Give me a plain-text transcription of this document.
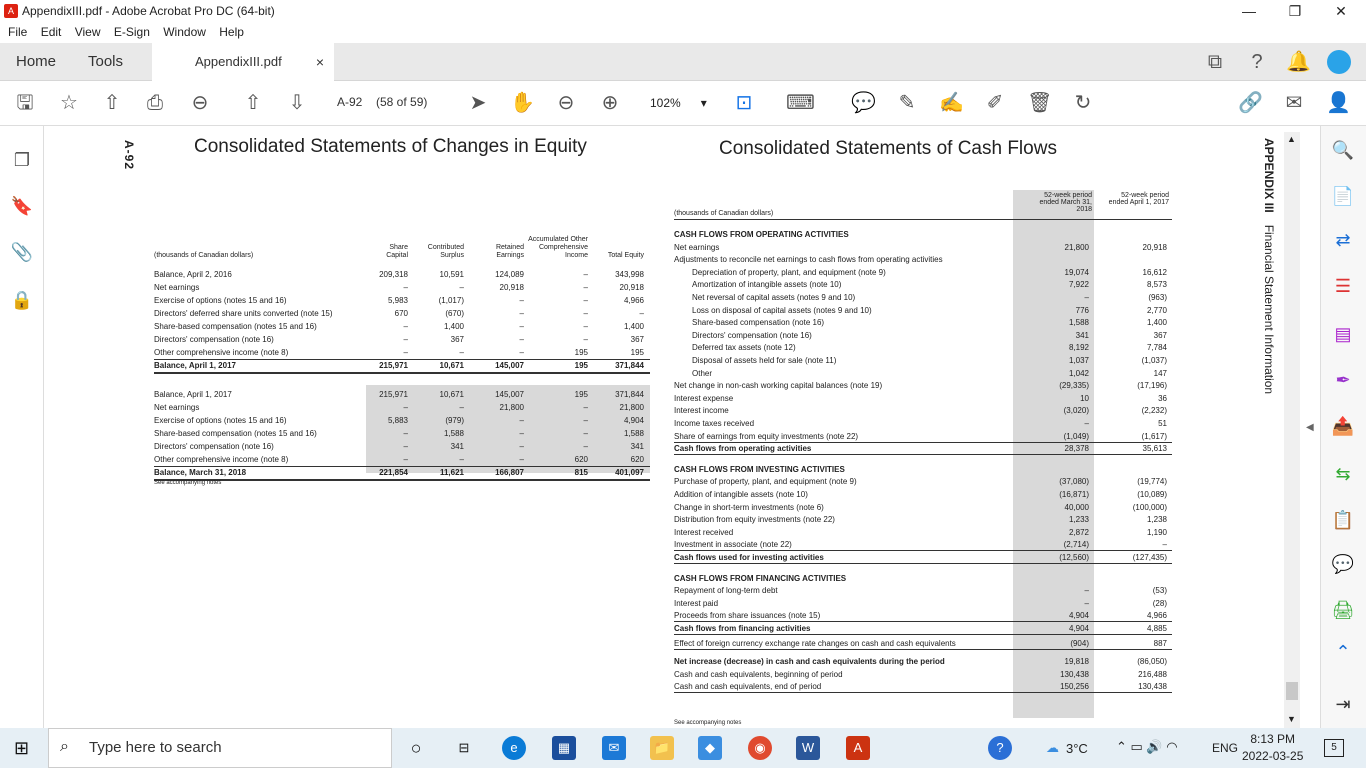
A AppendixIII.pdf - Adobe Acrobat Pro DC (64-bit)	—	❐	✕
File Edit View E-Sign Window Help
Home Tools	AppendixIII.pdf ×	⧉	?	🔔
🖫 ☆ ⇧ ⎙ ⊖ ⇧ ⇩	A-92 (58 of 59) ➤ ✋ ⊖ ⊕	102% ▾ ⊡ ⌨ 💬 ✎ ✍ ✐ 🗑 ↻	🔗 ✉ 👤
❐
🔖
📎
🔒
A-92	Consolidated Statements of Changes in Equity	Consolidated Statements of Cash Flows	APPENDIX IIIFinancial Statement Information
(thousands of Canadian dollars)
Share Capital
Contributed Surplus
Retained Earnings
Accumulated Other Comprehensive Income	Total Equity
Balance, April 2, 2016	209,318	10,591	124,089	–	343,998
Net earnings	–	–	20,918	–	20,918
Exercise of options (notes 15 and 16)	5,983	(1,017)	–	–	4,966
Directors' deferred share units converted (note 15)	670	(670)	–	–	–
Share-based compensation (notes 15 and 16)	–	1,400	–	–	1,400
Directors' compensation (note 16)	–	367	–	–	367
Other comprehensive income (note 8)	–	–	–	195	195
Balance, April 1, 2017	215,971	10,671	145,007	195	371,844
Balance, April 1, 2017	215,971	10,671	145,007	195	371,844
Net earnings	–	–	21,800	–	21,800
Exercise of options (notes 15 and 16)	5,883	(979)	–	–	4,904
Share-based compensation (notes 15 and 16)	–	1,588	–	–	1,588
Directors' compensation (note 16)	–	341	–	–	341
Other comprehensive income (note 8)	–	–	–	620	620
Balance, March 31, 2018	221,854	11,621	166,807	815	401,097
See accompanying notes
(thousands of Canadian dollars)
52-week period ended March 31, 2018
52-week period ended April 1, 2017
CASH FLOWS FROM OPERATING ACTIVITIES
Net earnings	21,800	20,918
Adjustments to reconcile net earnings to cash flows from operating activities
Depreciation of property, plant, and equipment (note 9)	19,074	16,612
Amortization of intangible assets (note 10)	7,922	8,573
Net reversal of capital assets (notes 9 and 10)	–	(963)
Loss on disposal of capital assets (notes 9 and 10)	776	2,770
Share-based compensation (note 16)	1,588	1,400
Directors' compensation (note 16)	341	367
Deferred tax assets (note 12)	8,192	7,784
Disposal of assets held for sale (note 11)	1,037	(1,037)
Other	1,042	147
Net change in non-cash working capital balances (note 19)	(29,335)	(17,196)
Interest expense	10	36
Interest income	(3,020)	(2,232)
Income taxes received	–	51
Share of earnings from equity investments (note 22)	(1,049)	(1,617)
Cash flows from operating activities	28,378	35,613
CASH FLOWS FROM INVESTING ACTIVITIES
Purchase of property, plant, and equipment (note 9)	(37,080)	(19,774)
Addition of intangible assets (note 10)	(16,871)	(10,089)
Change in short-term investments (note 6)	40,000	(100,000)
Distribution from equity investments (note 22)	1,233	1,238
Interest received	2,872	1,190
Investment in associate (note 22)	(2,714)	–
Cash flows used for investing activities	(12,560)	(127,435)
CASH FLOWS FROM FINANCING ACTIVITIES
Repayment of long-term debt	–	(53)
Interest paid	–	(28)
Proceeds from share issuances (note 15)	4,904	4,966
Cash flows from financing activities	4,904	4,885
Effect of foreign currency exchange rate changes on cash and cash equivalents	(904)	887
Net increase (decrease) in cash and cash equivalents during the period	19,818	(86,050)
Cash and cash equivalents, beginning of period	130,438	216,488
Cash and cash equivalents, end of period	150,256	130,438
See accompanying notes
◀
▲
▼
🔍
📄
⇄
☰
▤
✒
📤
⇆
📋
💬
🖨
⌃
⇥
⊞	Type here to search
⌕	○	⊟	e	▦	✉	📁	◆	◉	W	A	?	☁ 3°C ⌃ ▭ 🔊 ◠	ENG
8:13 PM
2022-03-25
5
